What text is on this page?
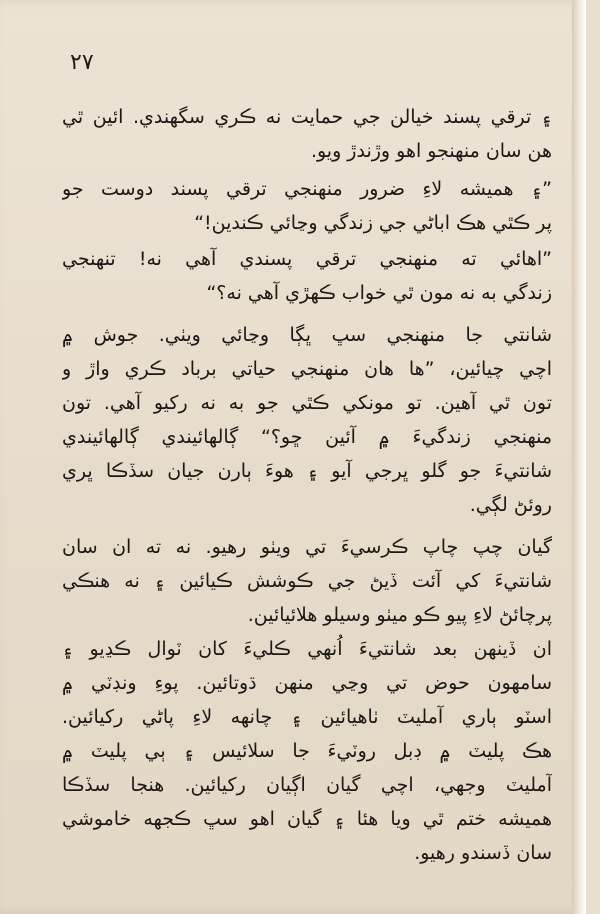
٢٧
۽ ترقي پسند خيالن جي حمايت نه ڪري سگهندي. ائين ٿي
هن سان منهنجو اهو وڙندڙ ويو.
”۽ هميشه لاءِ ضرور منهنجي ترقي پسند دوست جو
پر ڪٿي هڪ اباڻي جي زندگي وڃائي ڪندين!“
”اهائي ته منهنجي ترقي پسندي آهي نه! تنهنجي
زندگي به نه مون ٿي خواب ڪهڙي آهي نه؟“
شانتي جا منهنجي سڀ ڀڳا وڃائي ويٺي. جوش ۾
اچي چيائين، ”ها هان منهنجي حياتي برباد ڪري واڙ و
تون ٿي آهين. تو مونکي ڪٿي جو به نه رکيو آهي. تون
منهنجي زندگيءَ ۾ آئين ڇو؟“ ڳالهائيندي ڳالهائيندي
شانتيءَ جو گلو ڀرجي آيو ۽ هوءَ ٻارن جيان سڏڪا ڀري
روئڻ لڳي.
گيان چپ چاپ ڪرسيءَ تي ويٺو رهيو. نه ته ان سان
شانتيءَ کي آئت ڏيڻ جي ڪوشش ڪيائين ۽ نه هنڪي
پرچائڻ لاءِ پيو ڪو ميٺو وسيلو هلائيائين.
ان ڏينهن بعد شانتيءَ اُنهي ڪليءَ کان ٽوال ڪڍيو ۽
سامهون حوض تي وڃي منهن ڌوتائين. پوءِ ونڊٽي ۾
اسٽو ٻاري آمليٽ ٺاهيائين ۽ چانهه لاءِ پاڻي رکيائين.
هڪ پليٽ ۾ ڊبل روٽيءَ جا سلائيس ۽ ٻي پليٽ ۾
آمليٽ وجهي، اچي گيان اڳيان رکيائين. هنجا سڏڪا
هميشه ختم ٿي ويا هئا ۽ گيان اهو سڀ ڪجهه خاموشي
سان ڏسندو رهيو.
